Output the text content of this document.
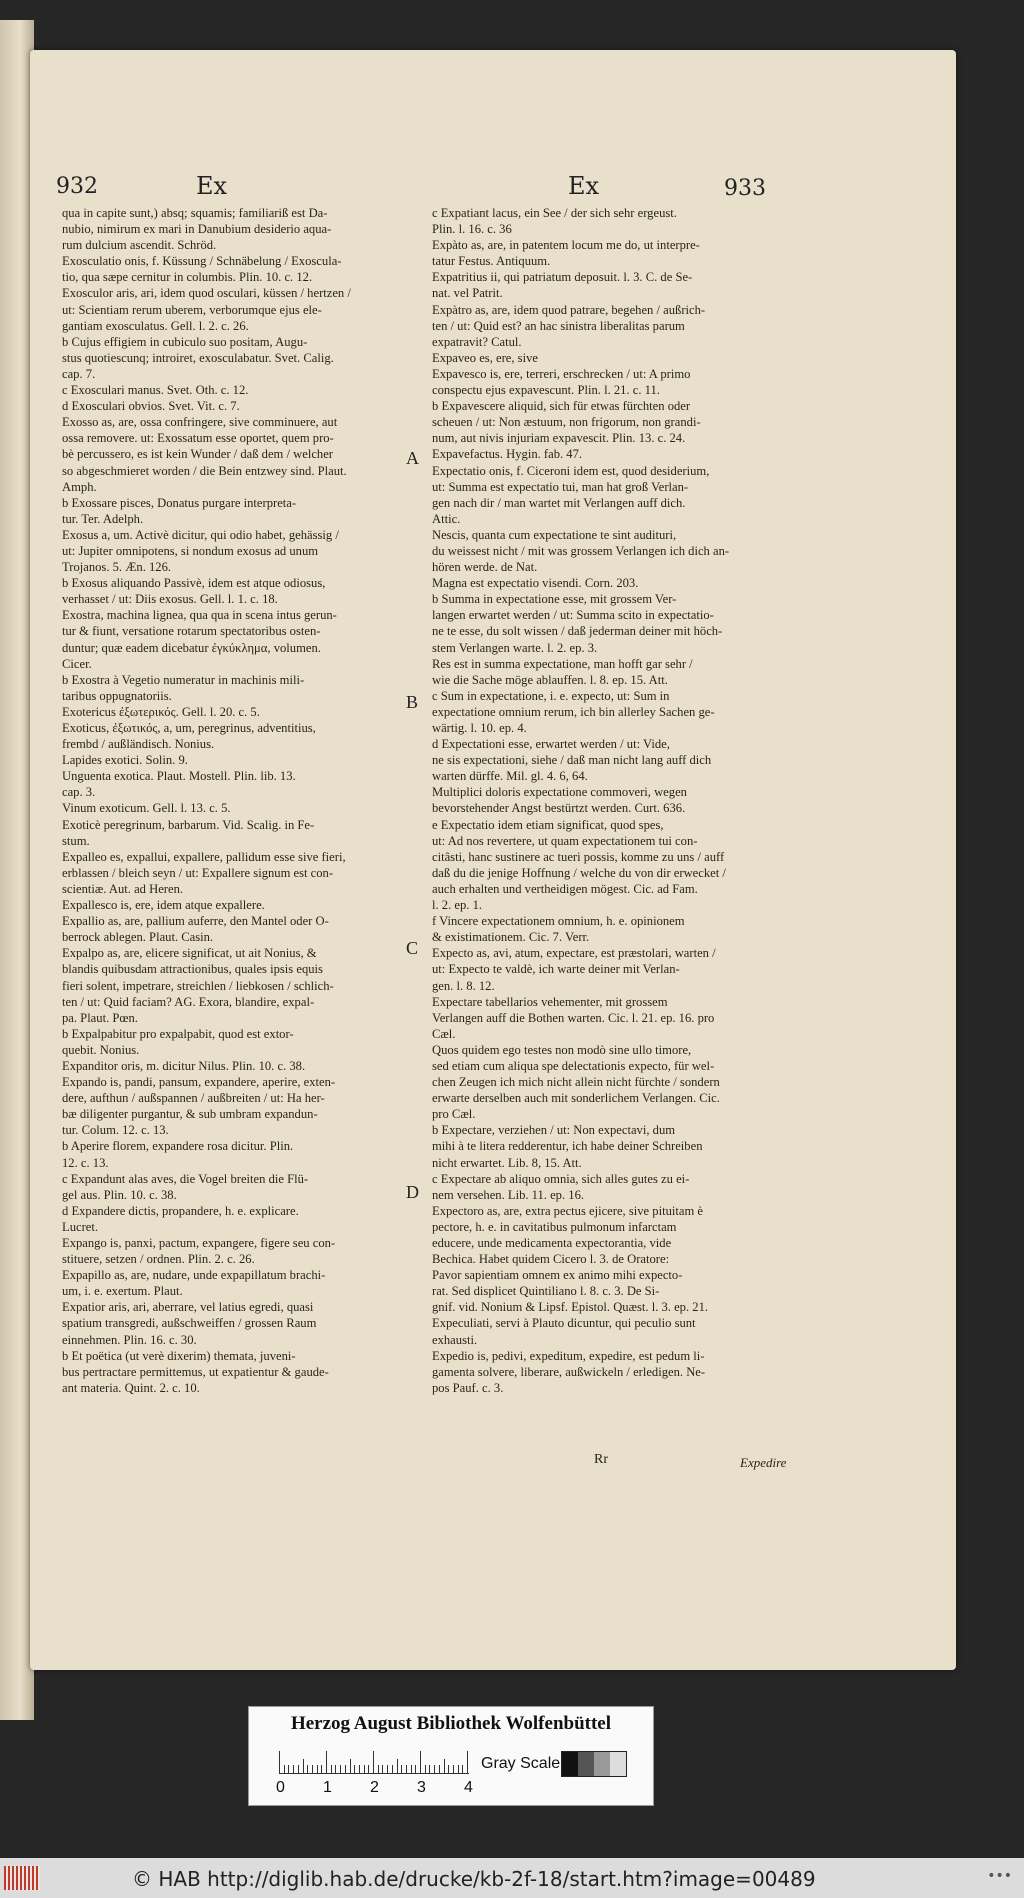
932	Ex	Ex	933
qua in capite sunt,) absq; squamis; familiariß est Da-
nubio, nimirum ex mari in Danubium desiderio aqua-
rum dulcium ascendit. Schröd.
Exosculatio onis, f. Küssung / Schnäbelung / Exoscula-
tio, qua sæpe cernitur in columbis. Plin. 10. c. 12.
Exosculor aris, ari, idem quod osculari, küssen / hertzen /
ut: Scientiam rerum uberem, verborumque ejus ele-
gantiam exosculatus. Gell. l. 2. c. 26.
b Cujus effigiem in cubiculo suo positam, Augu-
stus quotiescunq; introiret, exosculabatur. Svet. Calig.
cap. 7.
c Exosculari manus. Svet. Oth. c. 12.
d Exosculari obvios. Svet. Vit. c. 7.
Exosso as, are, ossa confringere, sive comminuere, aut
ossa removere. ut: Exossatum esse oportet, quem pro-
bè percussero, es ist kein Wunder / daß dem / welcher
so abgeschmieret worden / die Bein entzwey sind. Plaut.
Amph.
b Exossare pisces, Donatus purgare interpreta-
tur. Ter. Adelph.
Exosus a, um. Activè dicitur, qui odio habet, gehässig /
ut: Jupiter omnipotens, si nondum exosus ad unum
Trojanos. 5. Æn. 126.
b Exosus aliquando Passivè, idem est atque odiosus,
verhasset / ut: Diis exosus. Gell. l. 1. c. 18.
Exostra, machina lignea, qua qua in scena intus gerun-
tur & fiunt, versatione rotarum spectatoribus osten-
duntur; quæ eadem dicebatur ἐγκύκλημα, volumen.
Cicer.
b Exostra à Vegetio numeratur in machinis mili-
taribus oppugnatoriis.
Exotericus ἐξωτερικός. Gell. l. 20. c. 5.
Exoticus, ἐξωτικός, a, um, peregrinus, adventitius,
frembd / außländisch. Nonius.
Lapides exotici. Solin. 9.
Unguenta exotica. Plaut. Mostell. Plin. lib. 13.
cap. 3.
Vinum exoticum. Gell. l. 13. c. 5.
Exoticè peregrinum, barbarum. Vid. Scalig. in Fe-
stum.
Expalleo es, expallui, expallere, pallidum esse sive fieri,
erblassen / bleich seyn / ut: Expallere signum est con-
scientiæ. Aut. ad Heren.
Expallesco is, ere, idem atque expallere.
Expallio as, are, pallium auferre, den Mantel oder O-
berrock ablegen. Plaut. Casin.
Expalpo as, are, elicere significat, ut ait Nonius, &
blandis quibusdam attractionibus, quales ipsis equis
fieri solent, impetrare, streichlen / liebkosen / schlich-
ten / ut: Quid faciam? AG. Exora, blandire, expal-
pa. Plaut. Pœn.
b Expalpabitur pro expalpabit, quod est extor-
quebit. Nonius.
Expanditor oris, m. dicitur Nilus. Plin. 10. c. 38.
Expando is, pandi, pansum, expandere, aperire, exten-
dere, aufthun / außspannen / außbreiten / ut: Ha her-
bæ diligenter purgantur, & sub umbram expandun-
tur. Colum. 12. c. 13.
b Aperire florem, expandere rosa dicitur. Plin.
12. c. 13.
c Expandunt alas aves, die Vogel breiten die Flü-
gel aus. Plin. 10. c. 38.
d Expandere dictis, propandere, h. e. explicare.
Lucret.
Expango is, panxi, pactum, expangere, figere seu con-
stituere, setzen / ordnen. Plin. 2. c. 26.
Expapillo as, are, nudare, unde expapillatum brachi-
um, i. e. exertum. Plaut.
Expatior aris, ari, aberrare, vel latius egredi, quasi
spatium transgredi, außschweiffen / grossen Raum
einnehmen. Plin. 16. c. 30.
b Et poëtica (ut verè dixerim) themata, juveni-
bus pertractare permittemus, ut expatientur & gaude-
ant materia. Quint. 2. c. 10.
c Expatiant lacus, ein See / der sich sehr ergeust.
Plin. l. 16. c. 36
Expàto as, are, in patentem locum me do, ut interpre-
tatur Festus. Antiquum.
Expatritius ii, qui patriatum deposuit. l. 3. C. de Se-
nat. vel Patrit.
Expàtro as, are, idem quod patrare, begehen / außrich-
ten / ut: Quid est? an hac sinistra liberalitas parum
expatravit? Catul.
Expaveo es, ere, sive
Expavesco is, ere, terreri, erschrecken / ut: A primo
conspectu ejus expavescunt. Plin. l. 21. c. 11.
b Expavescere aliquid, sich für etwas fürchten oder
scheuen / ut: Non æstuum, non frigorum, non grandi-
num, aut nivis injuriam expavescit. Plin. 13. c. 24.
Expavefactus. Hygin. fab. 47.
Expectatio onis, f. Ciceroni idem est, quod desiderium,
ut: Summa est expectatio tui, man hat groß Verlan-
gen nach dir / man wartet mit Verlangen auff dich.
Attic.
Nescis, quanta cum expectatione te sint audituri,
du weissest nicht / mit was grossem Verlangen ich dich an-
hören werde. de Nat.
Magna est expectatio visendi. Corn. 203.
b Summa in expectatione esse, mit grossem Ver-
langen erwartet werden / ut: Summa scito in expectatio-
ne te esse, du solt wissen / daß jederman deiner mit höch-
stem Verlangen warte. l. 2. ep. 3.
Res est in summa expectatione, man hofft gar sehr /
wie die Sache möge ablauffen. l. 8. ep. 15. Att.
c Sum in expectatione, i. e. expecto, ut: Sum in
expectatione omnium rerum, ich bin allerley Sachen ge-
wärtig. l. 10. ep. 4.
d Expectationi esse, erwartet werden / ut: Vide,
ne sis expectationi, siehe / daß man nicht lang auff dich
warten dürffe. Mil. gl. 4. 6, 64.
Multiplici doloris expectatione commoveri, wegen
bevorstehender Angst bestürtzt werden. Curt. 636.
e Expectatio idem etiam significat, quod spes,
ut: Ad nos revertere, ut quam expectationem tui con-
citâsti, hanc sustinere ac tueri possis, komme zu uns / auff
daß du die jenige Hoffnung / welche du von dir erwecket /
auch erhalten und vertheidigen mögest. Cic. ad Fam.
l. 2. ep. 1.
f Vincere expectationem omnium, h. e. opinionem
& existimationem. Cic. 7. Verr.
Expecto as, avi, atum, expectare, est præstolari, warten /
ut: Expecto te valdè, ich warte deiner mit Verlan-
gen. l. 8. 12.
Expectare tabellarios vehementer, mit grossem
Verlangen auff die Bothen warten. Cic. l. 21. ep. 16. pro
Cæl.
Quos quidem ego testes non modò sine ullo timore,
sed etiam cum aliqua spe delectationis expecto, für wel-
chen Zeugen ich mich nicht allein nicht fürchte / sondern
erwarte derselben auch mit sonderlichem Verlangen. Cic.
pro Cæl.
b Expectare, verziehen / ut: Non expectavi, dum
mihi à te litera redderentur, ich habe deiner Schreiben
nicht erwartet. Lib. 8, 15. Att.
c Expectare ab aliquo omnia, sich alles gutes zu ei-
nem versehen. Lib. 11. ep. 16.
Expectoro as, are, extra pectus ejicere, sive pituitam è
pectore, h. e. in cavitatibus pulmonum infarctam
educere, unde medicamenta expectorantia, vide
Bechica. Habet quidem Cicero l. 3. de Oratore:
Pavor sapientiam omnem ex animo mihi expecto-
rat. Sed displicet Quintiliano l. 8. c. 3. De Si-
gnif. vid. Nonium & Lipsf. Epistol. Quæst. l. 3. ep. 21.
Expeculiati, servi à Plauto dicuntur, qui peculio sunt
exhausti.
Expedio is, pedivi, expeditum, expedire, est pedum li-
gamenta solvere, liberare, außwickeln / erledigen. Ne-
pos Pauf. c. 3.
A
B
C
D
Rr	Expedire
Herzog August Bibliothek Wolfenbüttel
0 1 2 3 4
Gray Scale
© HAB http://diglib.hab.de/drucke/kb-2f-18/start.htm?image=00489	•••
